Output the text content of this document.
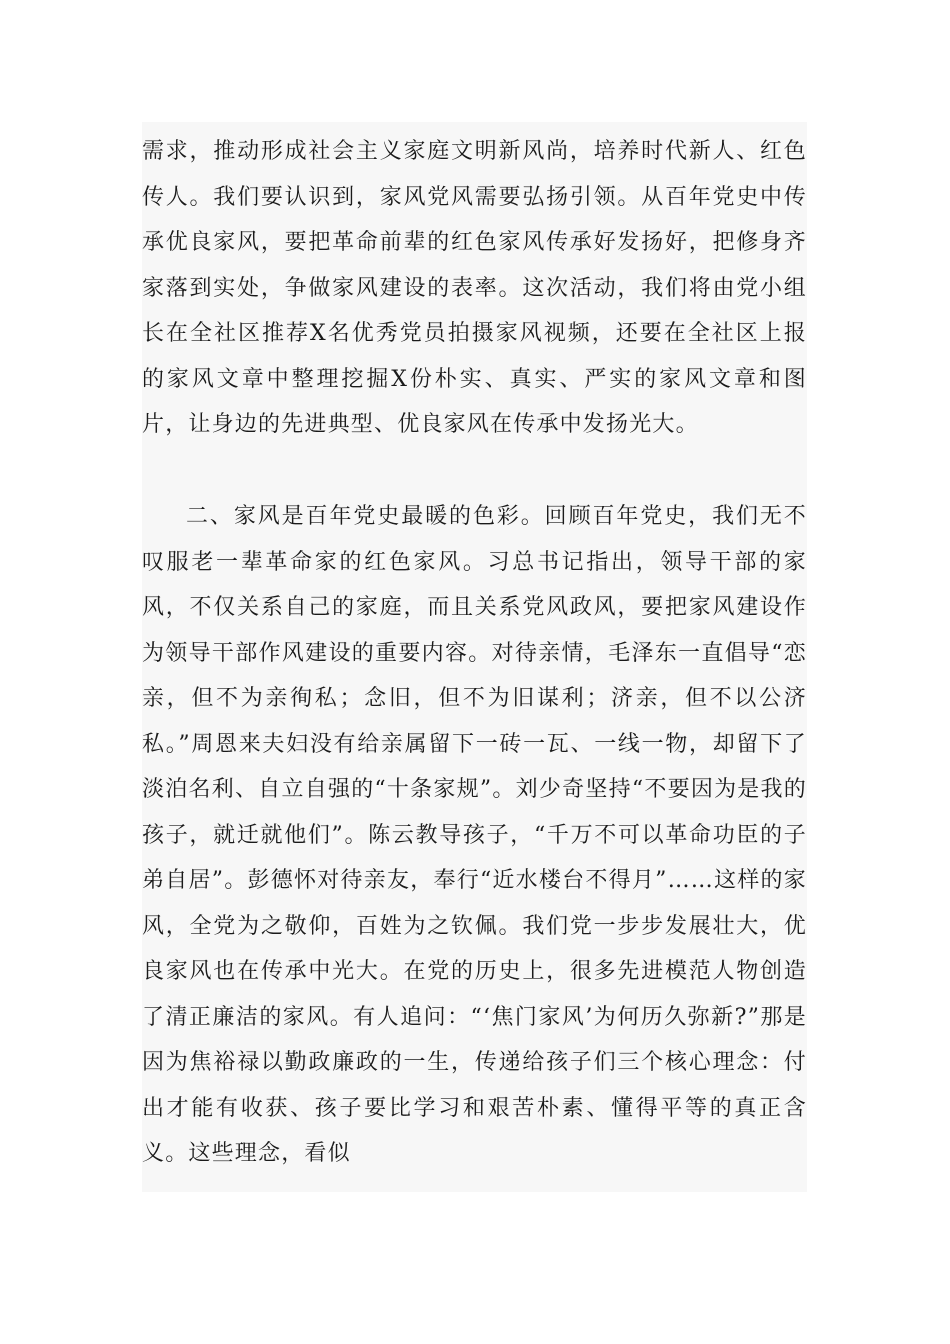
需求，推动形成社会主义家庭文明新风尚，培养时代新人、红色传人。我们要认识到，家风党风需要弘扬引领。从百年党史中传承优良家风，要把革命前辈的红色家风传承好发扬好，把修身齐家落到实处，争做家风建设的表率。这次活动，我们将由党小组长在全社区推荐X名优秀党员拍摄家风视频，还要在全社区上报的家风文章中整理挖掘X份朴实、真实、严实的家风文章和图片，让身边的先进典型、优良家风在传承中发扬光大。

二、家风是百年党史最暖的色彩。回顾百年党史，我们无不叹服老一辈革命家的红色家风。习总书记指出，领导干部的家风，不仅关系自己的家庭，而且关系党风政风，要把家风建设作为领导干部作风建设的重要内容。对待亲情，毛泽东一直倡导“恋亲，但不为亲徇私；念旧，但不为旧谋利；济亲，但不以公济私。”周恩来夫妇没有给亲属留下一砖一瓦、一线一物，却留下了淡泊名利、自立自强的“十条家规”。刘少奇坚持“不要因为是我的孩子，就迁就他们”。陈云教导孩子，“千万不可以革命功臣的子弟自居”。彭德怀对待亲友，奉行“近水楼台不得月”……这样的家风，全党为之敬仰，百姓为之钦佩。我们党一步步发展壮大，优良家风也在传承中光大。在党的历史上，很多先进模范人物创造了清正廉洁的家风。有人追问：“‘焦门家风’为何历久弥新?”那是因为焦裕禄以勤政廉政的一生，传递给孩子们三个核心理念：付出才能有收获、孩子要比学习和艰苦朴素、懂得平等的真正含义。这些理念，看似
